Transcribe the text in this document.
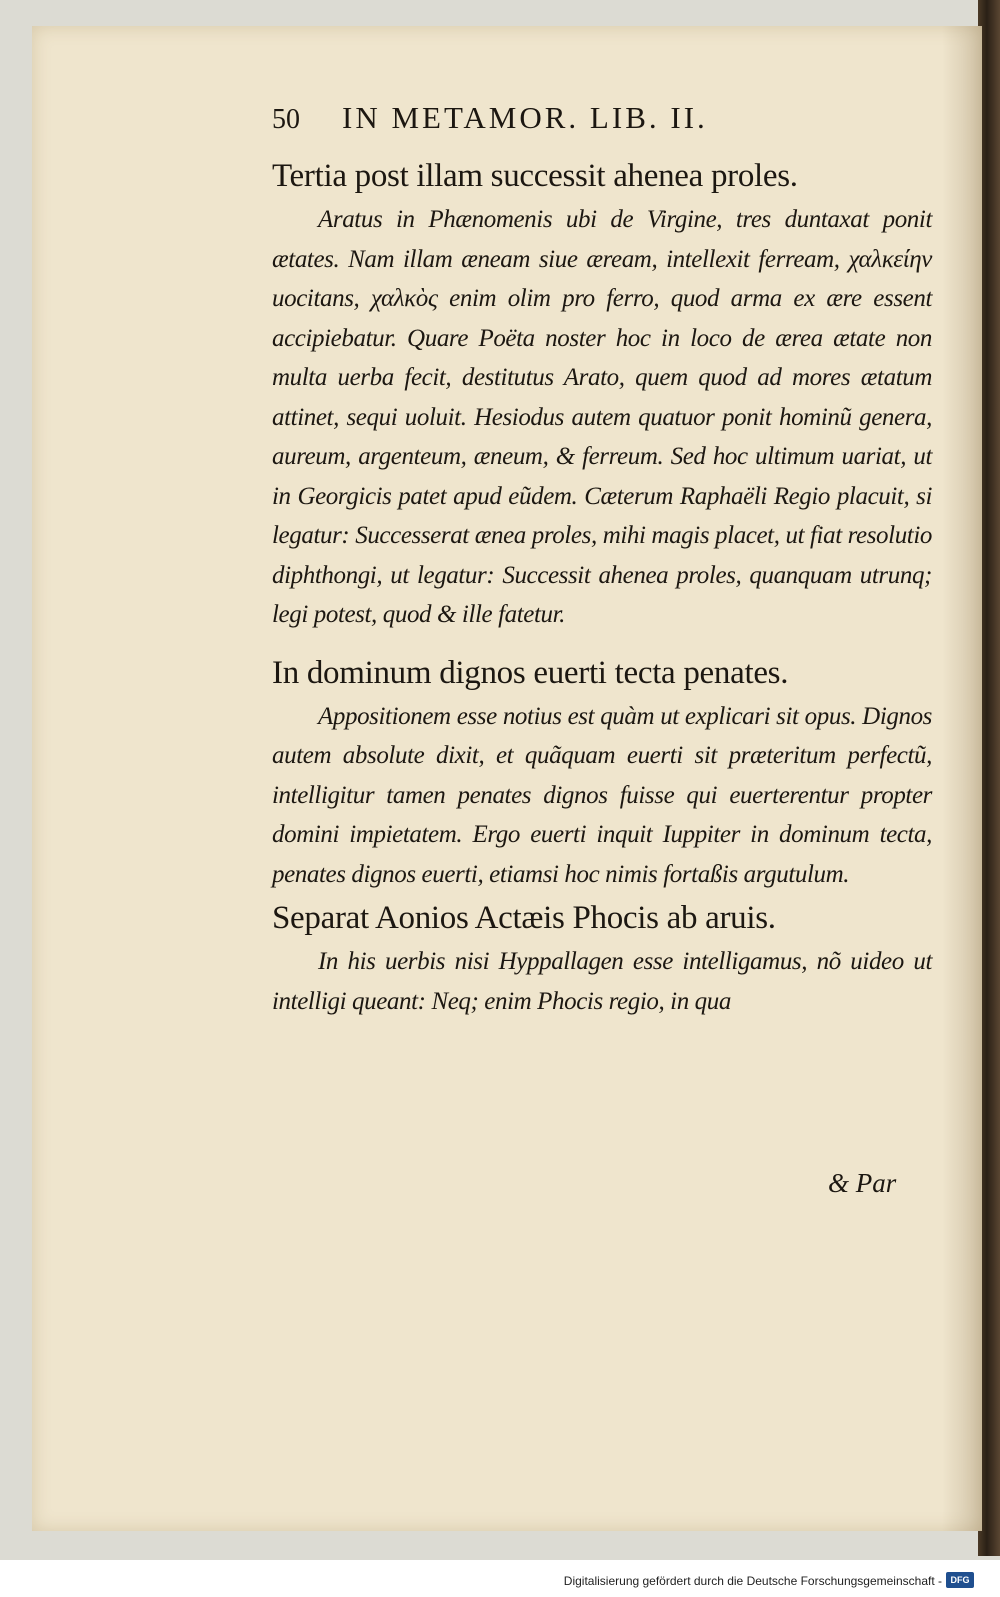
50 IN METAMOR. LIB. II.
Tertia post illam successit ahenea proles.

Aratus in Phænomenis ubi de Virgine, tres duntaxat ponit ætates. Nam illam æneam siue æream, intellexit ferream, χαλκείην uocitans, χαλκὸς enim olim pro ferro, quod arma ex ære essent accipiebatur. Quare Poëta noster hoc in loco de ærea ætate non multa uerba fecit, destitutus Arato, quem quod ad mores ætatum attinet, sequi uoluit. Hesiodus autem quatuor ponit hominũ genera, aureum, argenteum, æneum, & ferreum. Sed hoc ultimum uariat, ut in Georgicis patet apud eũdem. Cæterum Raphaëli Regio placuit, si legatur: Successerat ænea proles, mihi magis placet, ut fiat resolutio diphthongi, ut legatur: Successit ahenea proles, quanquam utrunq; legi potest, quod & ille fatetur.

In dominum dignos euerti tecta penates.

Appositionem esse notius est quàm ut explicari sit opus. Dignos autem absolute dixit, et quãquam euerti sit præteritum perfectũ, intelligitur tamen penates dignos fuisse qui euerterentur propter domini impietatem. Ergo euerti inquit Iuppiter in dominum tecta, penates dignos euerti, etiamsi hoc nimis fortaßis argutulum.

Separat Aonios Actæis Phocis ab aruis.

In his uerbis nisi Hyppallagen esse intelligamus, nõ uideo ut intelligi queant: Neq; enim Phocis regio, in qua

& Par
Digitalisierung gefördert durch die Deutsche Forschungsgemeinschaft - DFG
